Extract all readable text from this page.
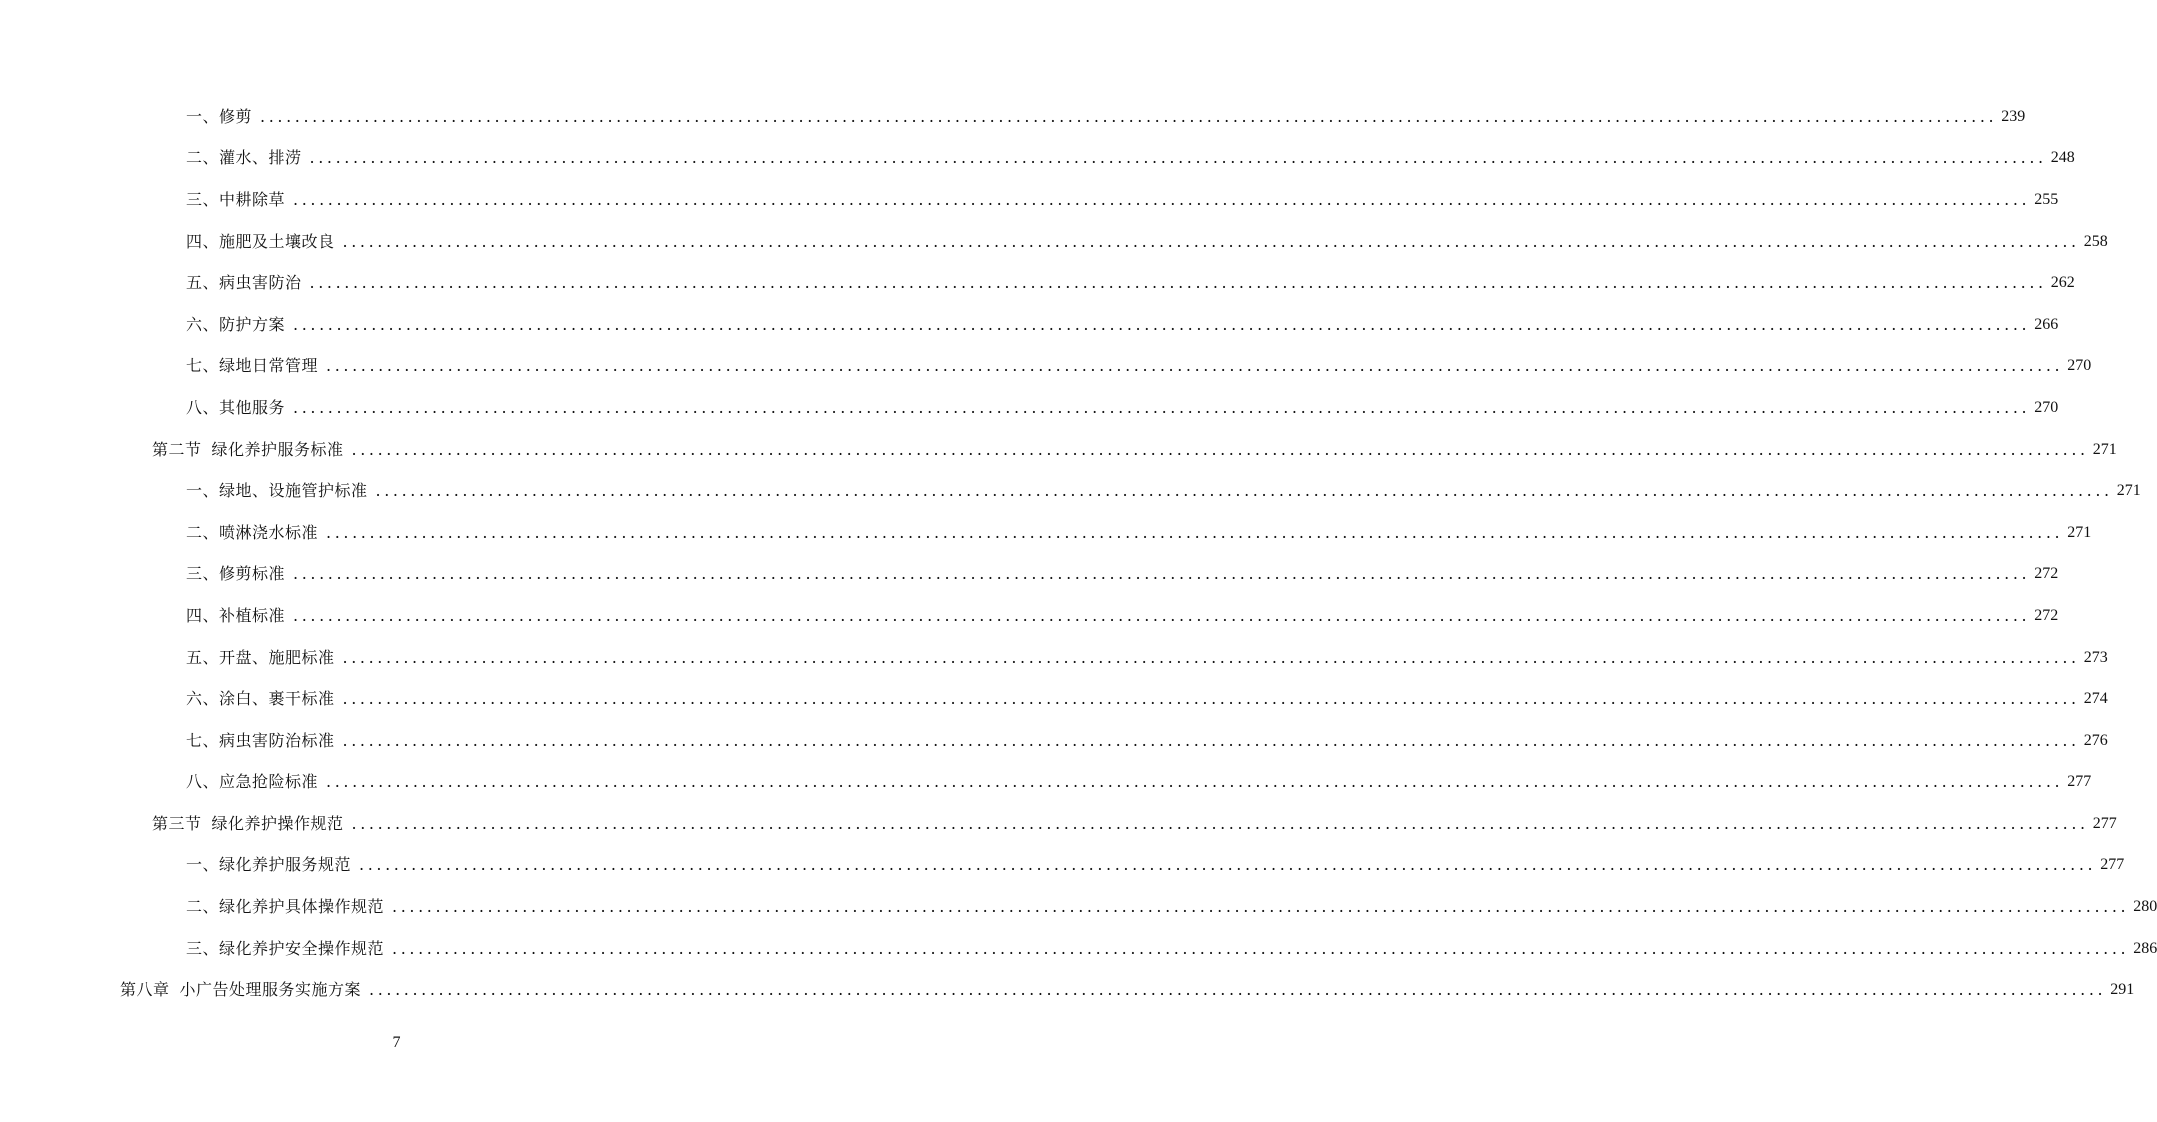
一、修剪 ........................................................................................................................................................................................................ 239
二、灌水、排涝 ........................................................................................................................................................................................................ 248
三、中耕除草 ........................................................................................................................................................................................................ 255
四、施肥及土壤改良 ........................................................................................................................................................................................................ 258
五、病虫害防治 ........................................................................................................................................................................................................ 262
六、防护方案 ........................................................................................................................................................................................................ 266
七、绿地日常管理 ........................................................................................................................................................................................................ 270
八、其他服务 ........................................................................................................................................................................................................ 270
第二节 绿化养护服务标准 ........................................................................................................................................................................................................ 271
一、绿地、设施管护标准 ........................................................................................................................................................................................................ 271
二、喷淋浇水标准 ........................................................................................................................................................................................................ 271
三、修剪标准 ........................................................................................................................................................................................................ 272
四、补植标准 ........................................................................................................................................................................................................ 272
五、开盘、施肥标准 ........................................................................................................................................................................................................ 273
六、涂白、裹干标准 ........................................................................................................................................................................................................ 274
七、病虫害防治标准 ........................................................................................................................................................................................................ 276
八、应急抢险标准 ........................................................................................................................................................................................................ 277
第三节 绿化养护操作规范 ........................................................................................................................................................................................................ 277
一、绿化养护服务规范 ........................................................................................................................................................................................................ 277
二、绿化养护具体操作规范 ........................................................................................................................................................................................................ 280
三、绿化养护安全操作规范 ........................................................................................................................................................................................................ 286
第八章 小广告处理服务实施方案 ........................................................................................................................................................................................................ 291
7
